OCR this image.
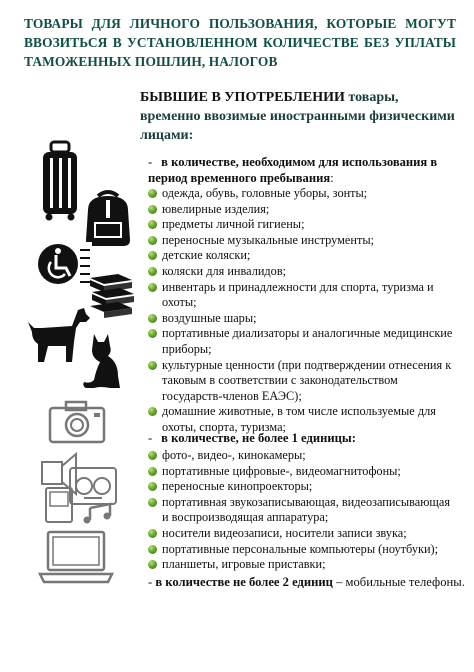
ТОВАРЫ ДЛЯ ЛИЧНОГО ПОЛЬЗОВАНИЯ, КОТОРЫЕ МОГУТ ВВОЗИТЬСЯ В УСТАНОВЛЕННОМ КОЛИЧЕСТВЕ БЕЗ УПЛАТЫ ТАМОЖЕННЫХ ПОШЛИН, НАЛОГОВ
БЫВШИЕ В УПОТРЕБЛЕНИИ товары, временно ввозимые иностранными физическими лицами:
- в количестве, необходимом для использования в период временного пребывания:
одежда, обувь, головные уборы, зонты;
ювелирные изделия;
предметы личной гигиены;
переносные музыкальные инструменты;
детские коляски;
коляски для инвалидов;
инвентарь и принадлежности для спорта, туризма и охоты;
воздушные шары;
портативные диализаторы и аналогичные медицинские приборы;
культурные ценности (при подтверждении отнесения к таковым в соответствии с законодательством государств-членов ЕАЭС);
домашние животные, в том числе используемые для охоты, спорта, туризма;
- в количестве, не более 1 единицы:
фото-, видео-, кинокамеры;
портативные цифровые-, видеомагнитофоны;
переносные кинопроекторы;
портативная звукозаписывающая, видеозаписывающая и воспроизводящая аппаратура;
носители видеозаписи, носители записи звука;
портативные персональные компьютеры (ноутбуки);
планшеты, игровые приставки;
- в количестве не более 2 единиц – мобильные телефоны.
